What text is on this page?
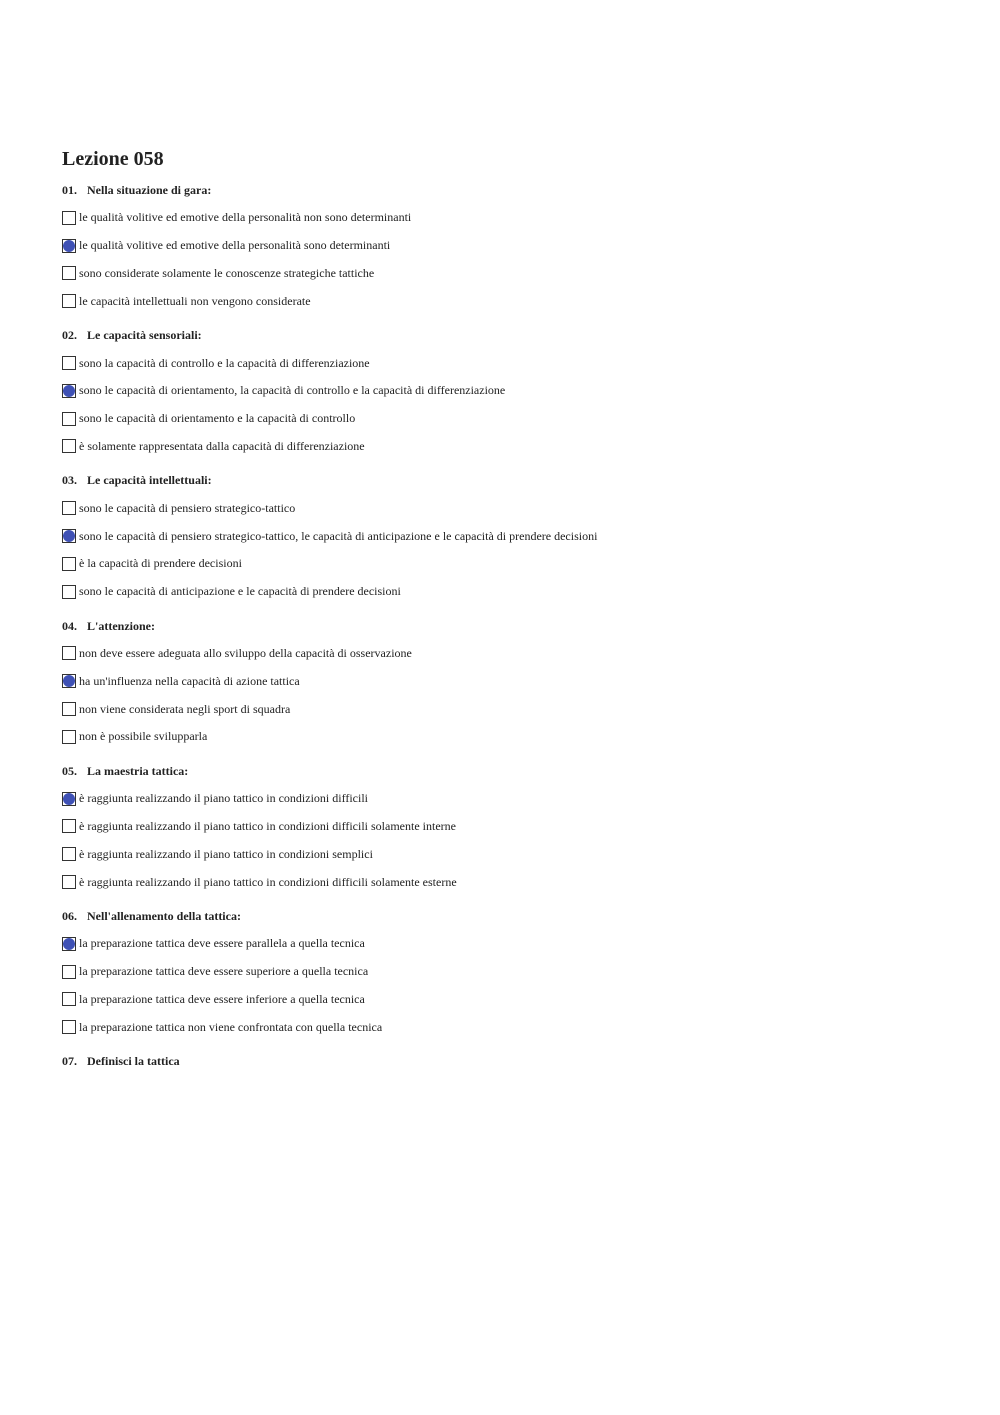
Lezione 058
01. Nella situazione di gara:
le qualità volitive ed emotive della personalità non sono determinanti
le qualità volitive ed emotive della personalità sono determinanti
sono considerate solamente le conoscenze strategiche tattiche
le capacità intellettuali non vengono considerate
02. Le capacità sensoriali:
sono la capacità di controllo e la capacità di differenziazione
sono le capacità di orientamento, la capacità di controllo e la capacità di differenziazione
sono le capacità di orientamento e la capacità di controllo
è solamente rappresentata dalla capacità di differenziazione
03. Le capacità intellettuali:
sono le capacità di pensiero strategico-tattico
sono le capacità di pensiero strategico-tattico, le capacità di anticipazione e le capacità di prendere decisioni
è la capacità di prendere decisioni
sono le capacità di anticipazione e le capacità di prendere decisioni
04. L'attenzione:
non deve essere adeguata allo sviluppo della capacità di osservazione
ha un'influenza nella capacità di azione tattica
non viene considerata negli sport di squadra
non è possibile svilupparla
05. La maestria tattica:
è raggiunta realizzando il piano tattico in condizioni difficili
è raggiunta realizzando il piano tattico in condizioni difficili solamente interne
è raggiunta realizzando il piano tattico in condizioni semplici
è raggiunta realizzando il piano tattico in condizioni difficili solamente esterne
06. Nell'allenamento della tattica:
la preparazione tattica deve essere parallela a quella tecnica
la preparazione tattica deve essere superiore a quella tecnica
la preparazione tattica deve essere inferiore a quella tecnica
la preparazione tattica non viene confrontata con quella tecnica
07. Definisci la tattica
